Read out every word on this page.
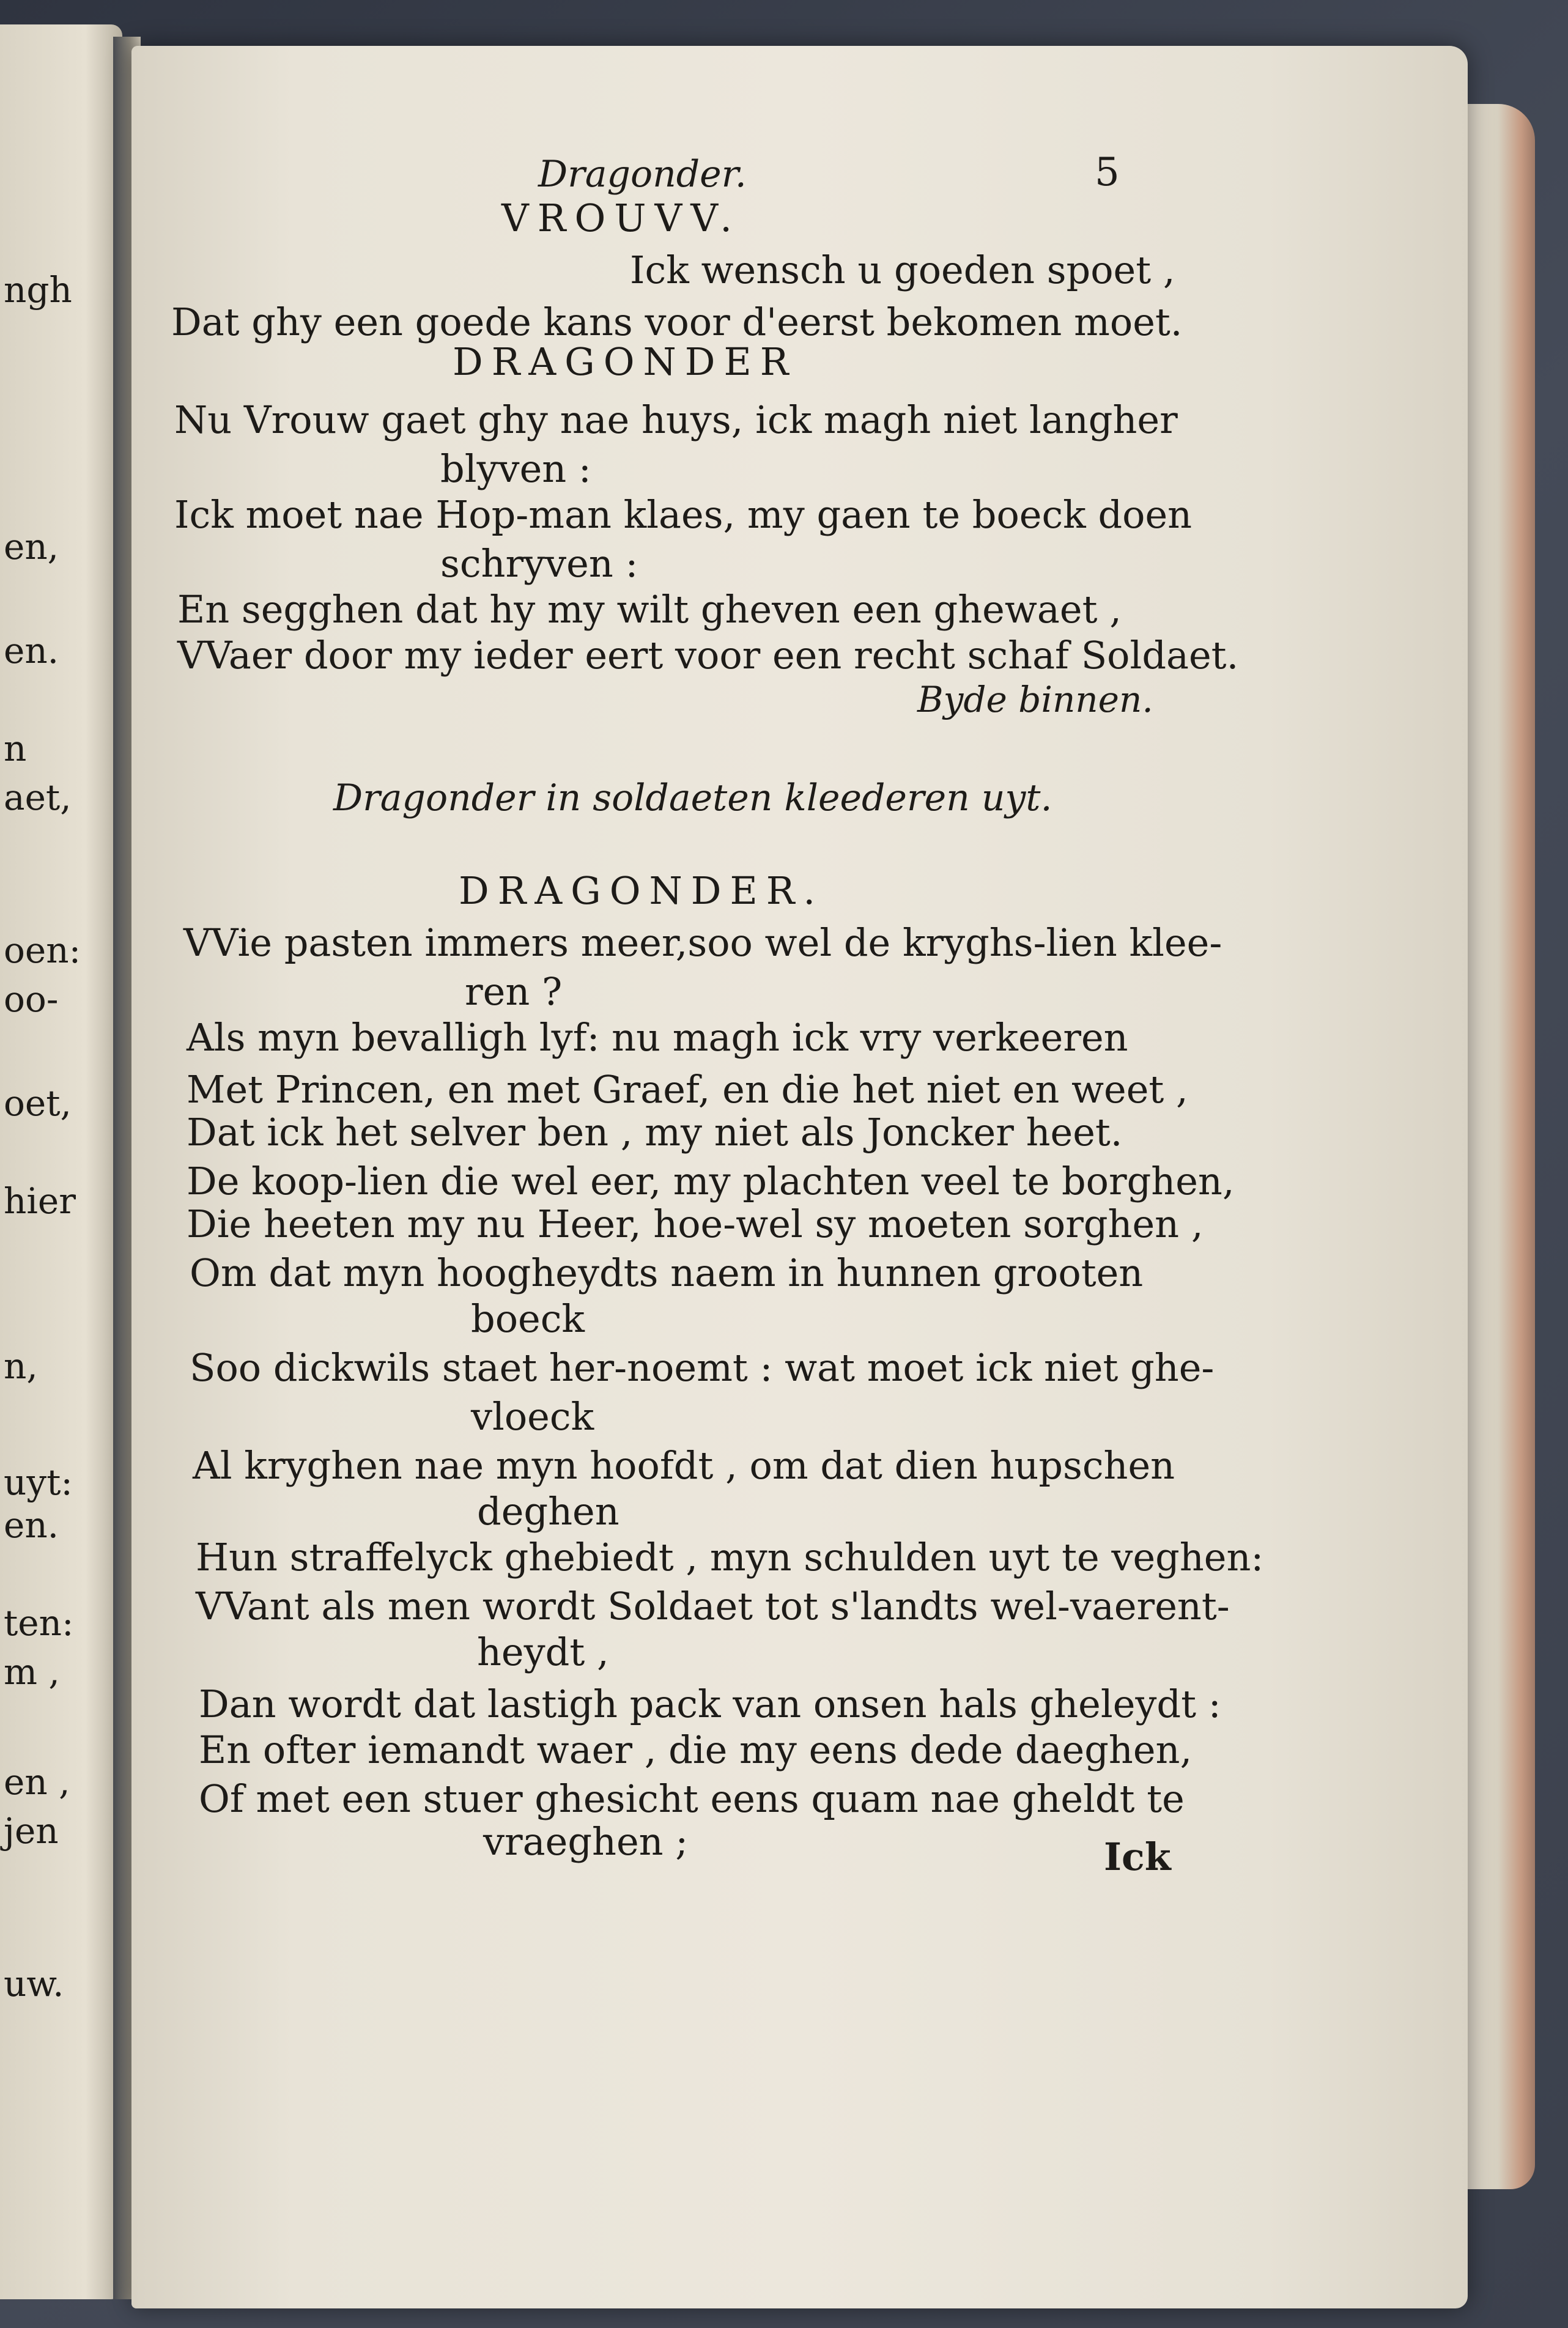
ngh
en,
en.
n
aet,
oen:
oo-
oet,
hier
n,
uyt:
en.
ten:
m ,
en ,
jen
uw.
Dragonder.	5
VROUVV.
Ick wensch u goeden spoet ,
Dat ghy een goede kans voor d'eerst bekomen moet.
DRAGONDER
Nu Vrouw gaet ghy nae huys, ick magh niet langher
blyven :
Ick moet nae Hop-man klaes, my gaen te boeck doen
schryven :
En segghen dat hy my wilt gheven een ghewaet ,
VVaer door my ieder eert voor een recht schaf Soldaet.
Byde binnen.
Dragonder in soldaeten kleederen uyt.
DRAGONDER.
VVie pasten immers meer,soo wel de kryghs-lien klee-
ren ?
Als myn bevalligh lyf: nu magh ick vry verkeeren
Met Princen, en met Graef, en die het niet en weet ,
Dat ick het selver ben , my niet als Joncker heet.
De koop-lien die wel eer, my plachten veel te borghen,
Die heeten my nu Heer, hoe-wel sy moeten sorghen ,
Om dat myn hoogheydts naem in hunnen grooten
boeck
Soo dickwils staet her-noemt : wat moet ick niet ghe-
vloeck
Al kryghen nae myn hoofdt , om dat dien hupschen
deghen
Hun straffelyck ghebiedt , myn schulden uyt te veghen:
VVant als men wordt Soldaet tot s'landts wel-vaerent-
heydt ,
Dan wordt dat lastigh pack van onsen hals gheleydt :
En ofter iemandt waer , die my eens dede daeghen,
Of met een stuer ghesicht eens quam nae gheldt te
vraeghen ;	Ick
